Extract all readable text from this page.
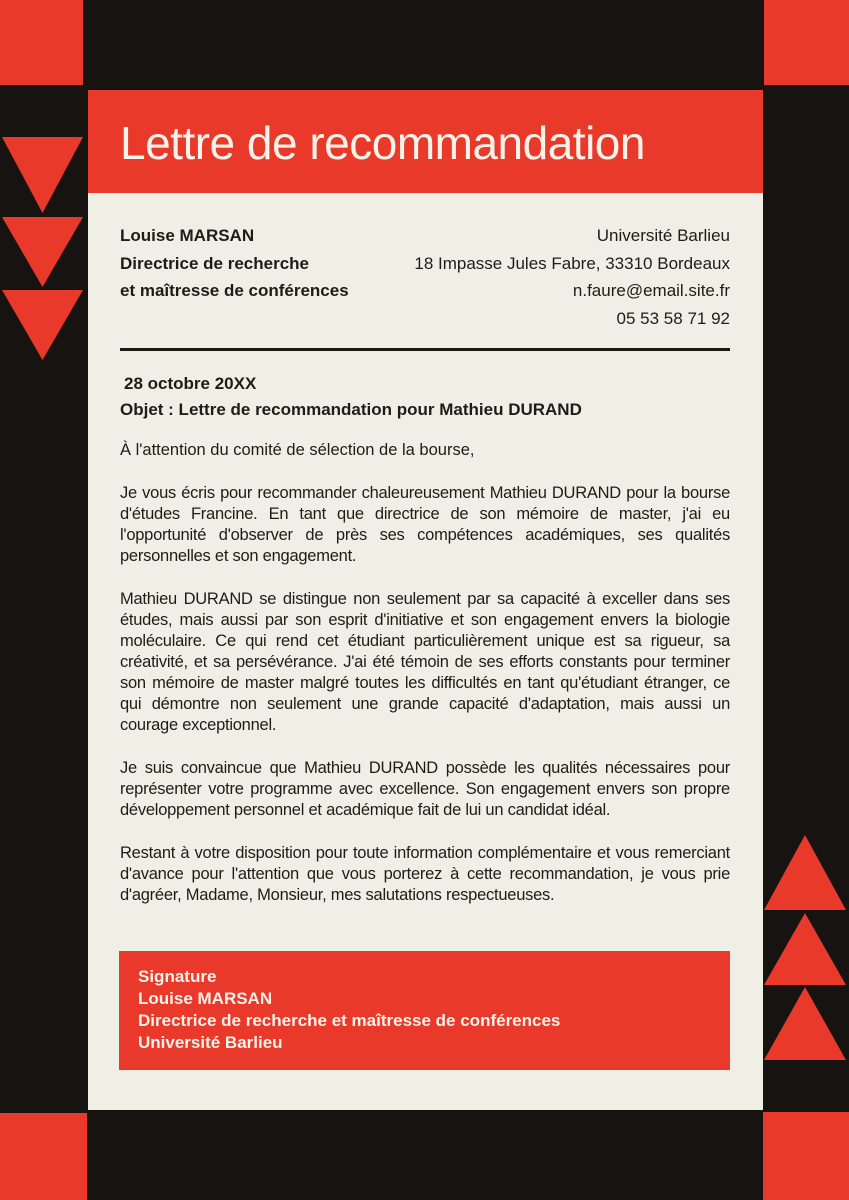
Lettre de recommandation
Louise MARSAN
Directrice de recherche
et maîtresse de conférences
Université Barlieu
18 Impasse Jules Fabre, 33310 Bordeaux
n.faure@email.site.fr
05 53 58 71 92
28 octobre 20XX
Objet : Lettre de recommandation pour Mathieu DURAND
À l'attention du comité de sélection de la bourse,

Je vous écris pour recommander chaleureusement Mathieu DURAND pour la bourse d'études Francine. En tant que directrice de son mémoire de master, j'ai eu l'opportunité d'observer de près ses compétences académiques, ses qualités personnelles et son engagement.

Mathieu DURAND se distingue non seulement par sa capacité à exceller dans ses études, mais aussi par son esprit d'initiative et son engagement envers la biologie moléculaire. Ce qui rend cet étudiant particulièrement unique est sa rigueur, sa créativité, et sa persévérance. J'ai été témoin de ses efforts constants pour terminer son mémoire de master malgré toutes les difficultés en tant qu'étudiant étranger, ce qui démontre non seulement une grande capacité d'adaptation, mais aussi un courage exceptionnel.

Je suis convaincue que Mathieu DURAND possède les qualités nécessaires pour représenter votre programme avec excellence. Son engagement envers son propre développement personnel et académique fait de lui un candidat idéal.

Restant à votre disposition pour toute information complémentaire et vous remerciant d'avance pour l'attention que vous porterez à cette recommandation, je vous prie d'agréer, Madame, Monsieur, mes salutations respectueuses.

Signature
Louise MARSAN
Directrice de recherche et maîtresse de conférences
Université Barlieu
